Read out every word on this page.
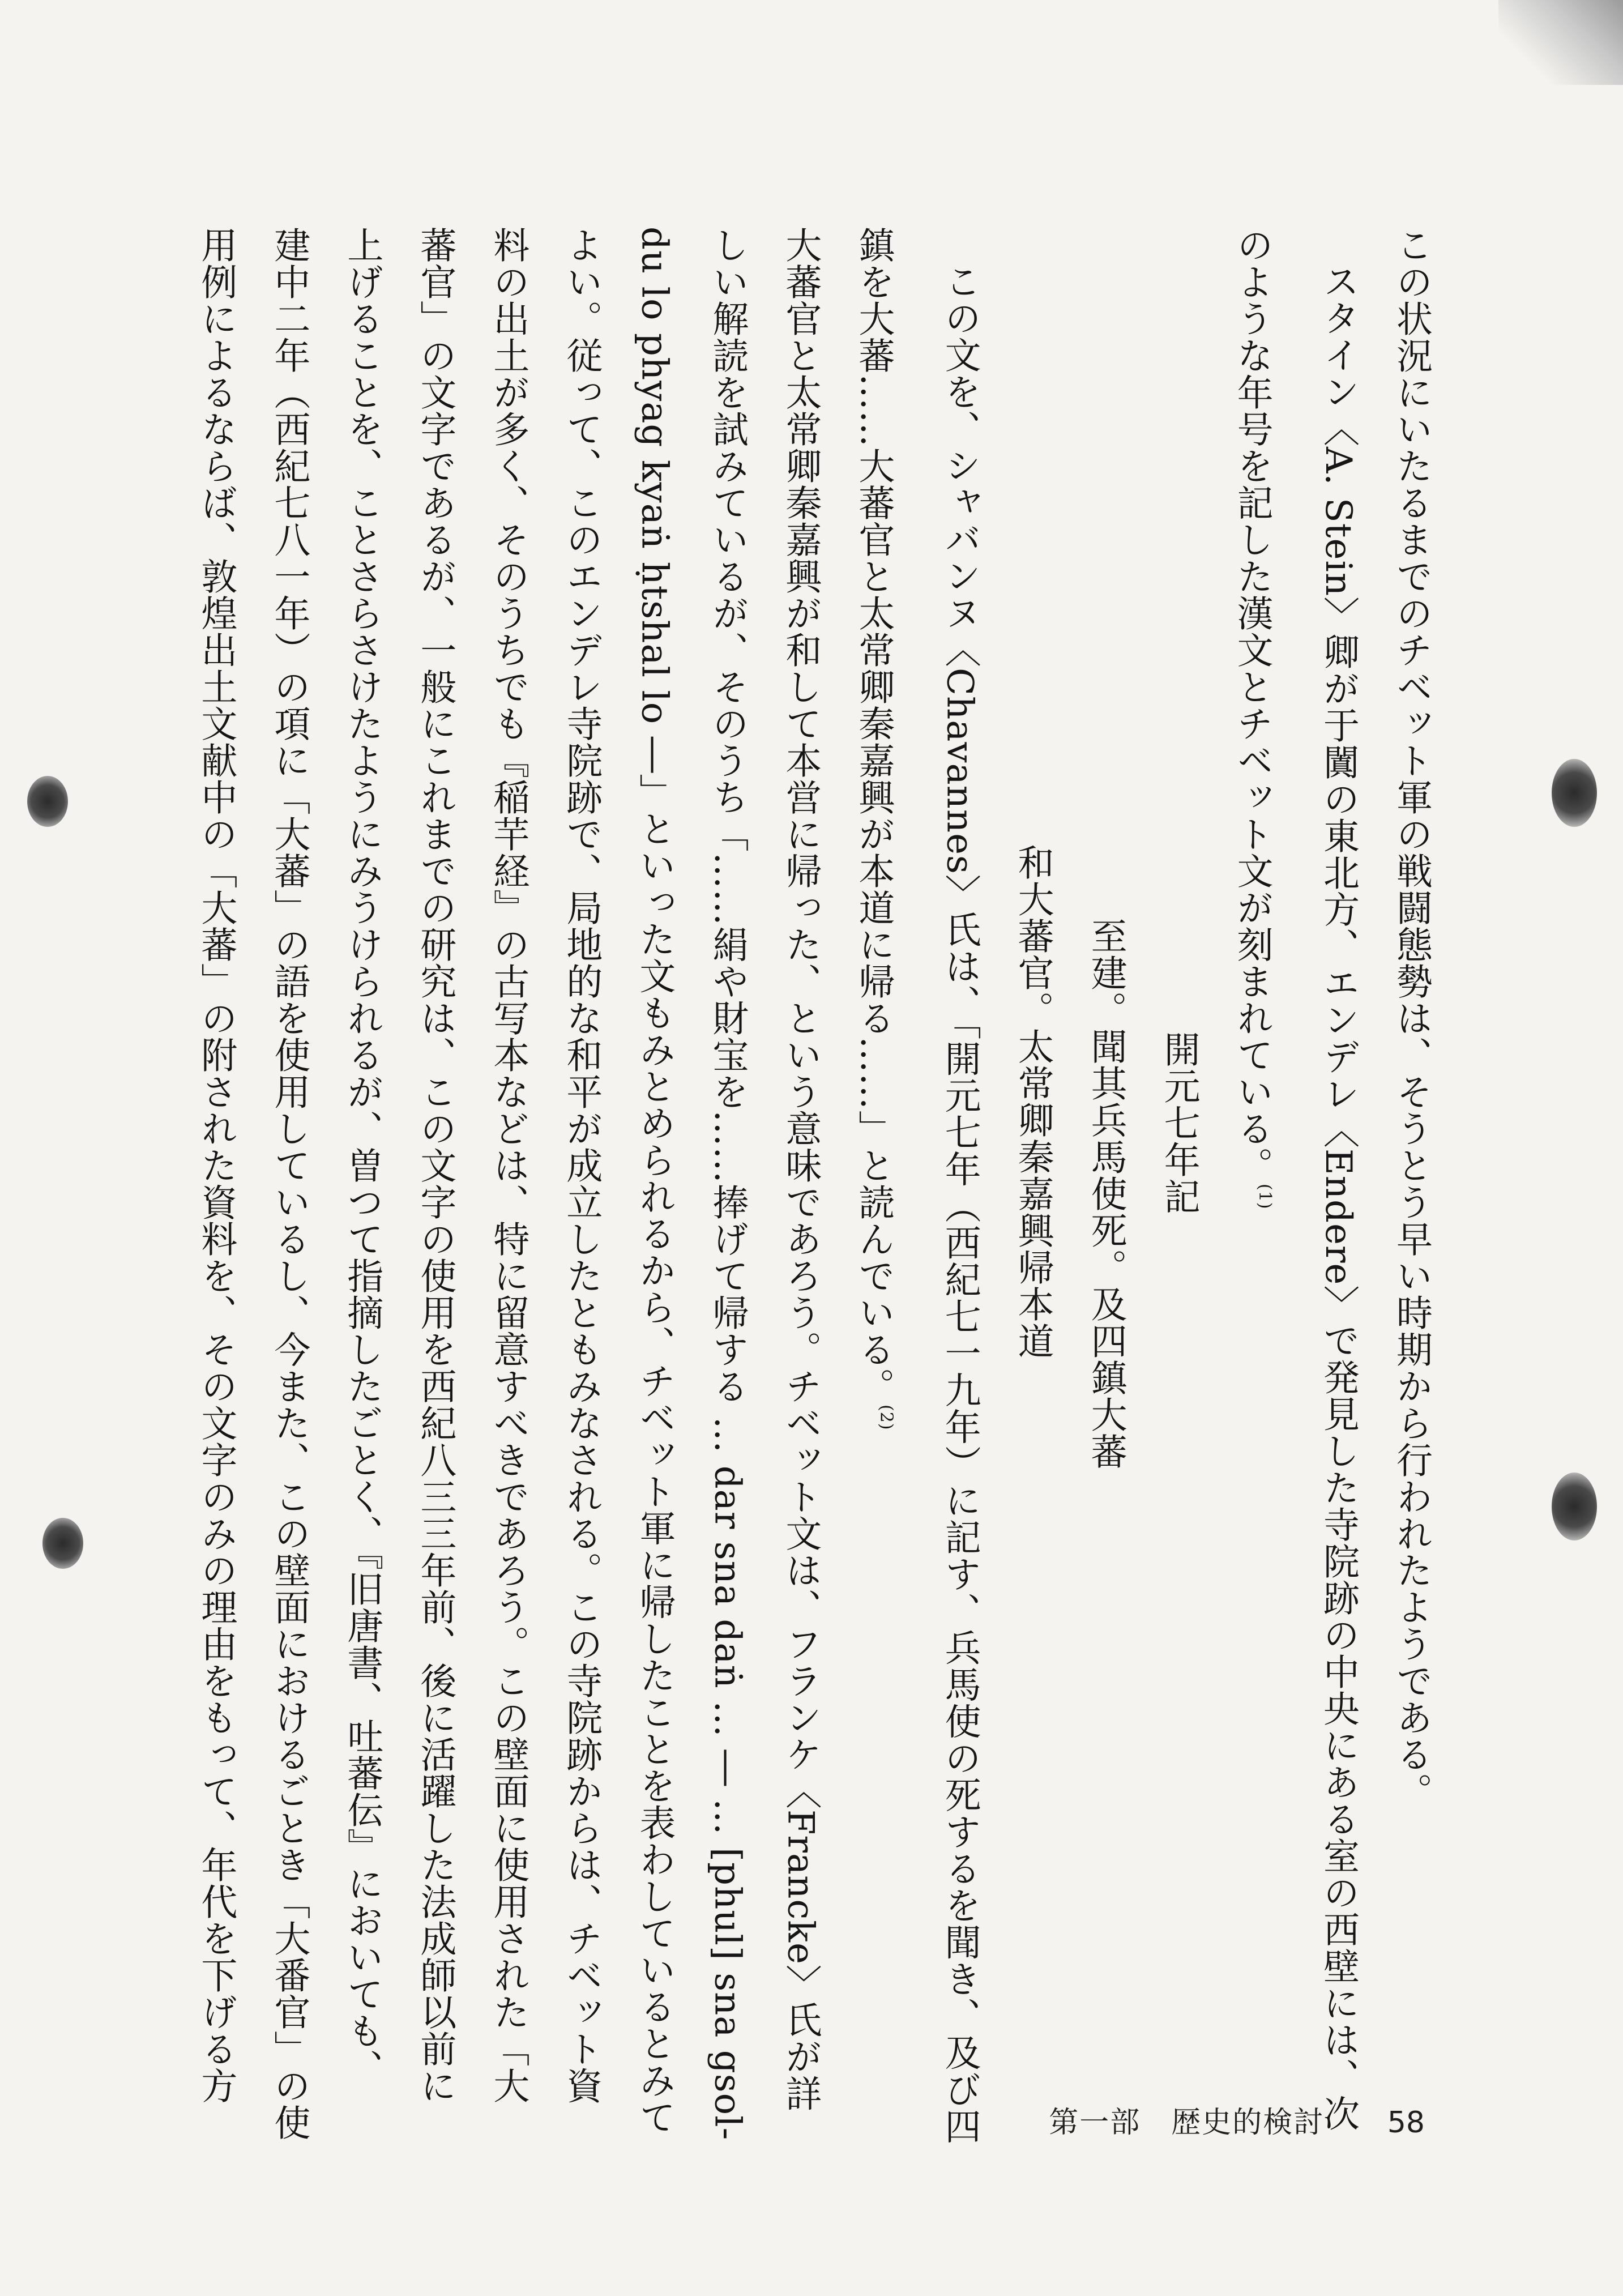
この状況にいたるまでのチベット軍の戦闘態勢は、そうとう早い時期から行われたようである。
スタイン〈A. Stein〉卿が于闐の東北方、エンデレ〈Endere〉で発見した寺院跡の中央にある室の西壁には、次
のような年号を記した漢文とチベット文が刻まれている。$^{(1)}$
開元七年記
至建。聞其兵馬使死。及四鎮大蕃
和大蕃官。太常卿秦嘉興帰本道
この文を、シャバンヌ〈Chavannes〉氏は、「開元七年（西紀七一九年）に記す、兵馬使の死するを聞き、及び四
鎮を大蕃……大蕃官と太常卿秦嘉興が本道に帰る……」と読んでいる。$^{(2)}$
大蕃官と太常卿秦嘉興が和して本営に帰った、という意味であろう。チベット文は、フランケ〈Francke〉氏が詳
しい解読を試みているが、そのうち「……絹や財宝を……捧げて帰する … dar sna daṅ … ― … [phul] sna gsol-
du lo phyag kyaṅ ḥtshal lo ―」といった文もみとめられるから、チベット軍に帰したことを表わしているとみて
よい。従って、このエンデレ寺院跡で、局地的な和平が成立したともみなされる。この寺院跡からは、チベット資
料の出土が多く、そのうちでも『稲芉経』の古写本などは、特に留意すべきであろう。この壁面に使用された「大
蕃官」の文字であるが、一般にこれまでの研究は、この文字の使用を西紀八三三年前、後に活躍した法成師以前に
上げることを、ことさらさけたようにみうけられるが、曽つて指摘したごとく、『旧唐書、吐蕃伝』においても、
建中二年（西紀七八一年）の項に「大蕃」の語を使用しているし、今また、この壁面におけるごとき「大番官」の使
用例によるならば、敦煌出土文献中の「大蕃」の附された資料を、その文字のみの理由をもって、年代を下げる方
第一部　歴史的検討 58
